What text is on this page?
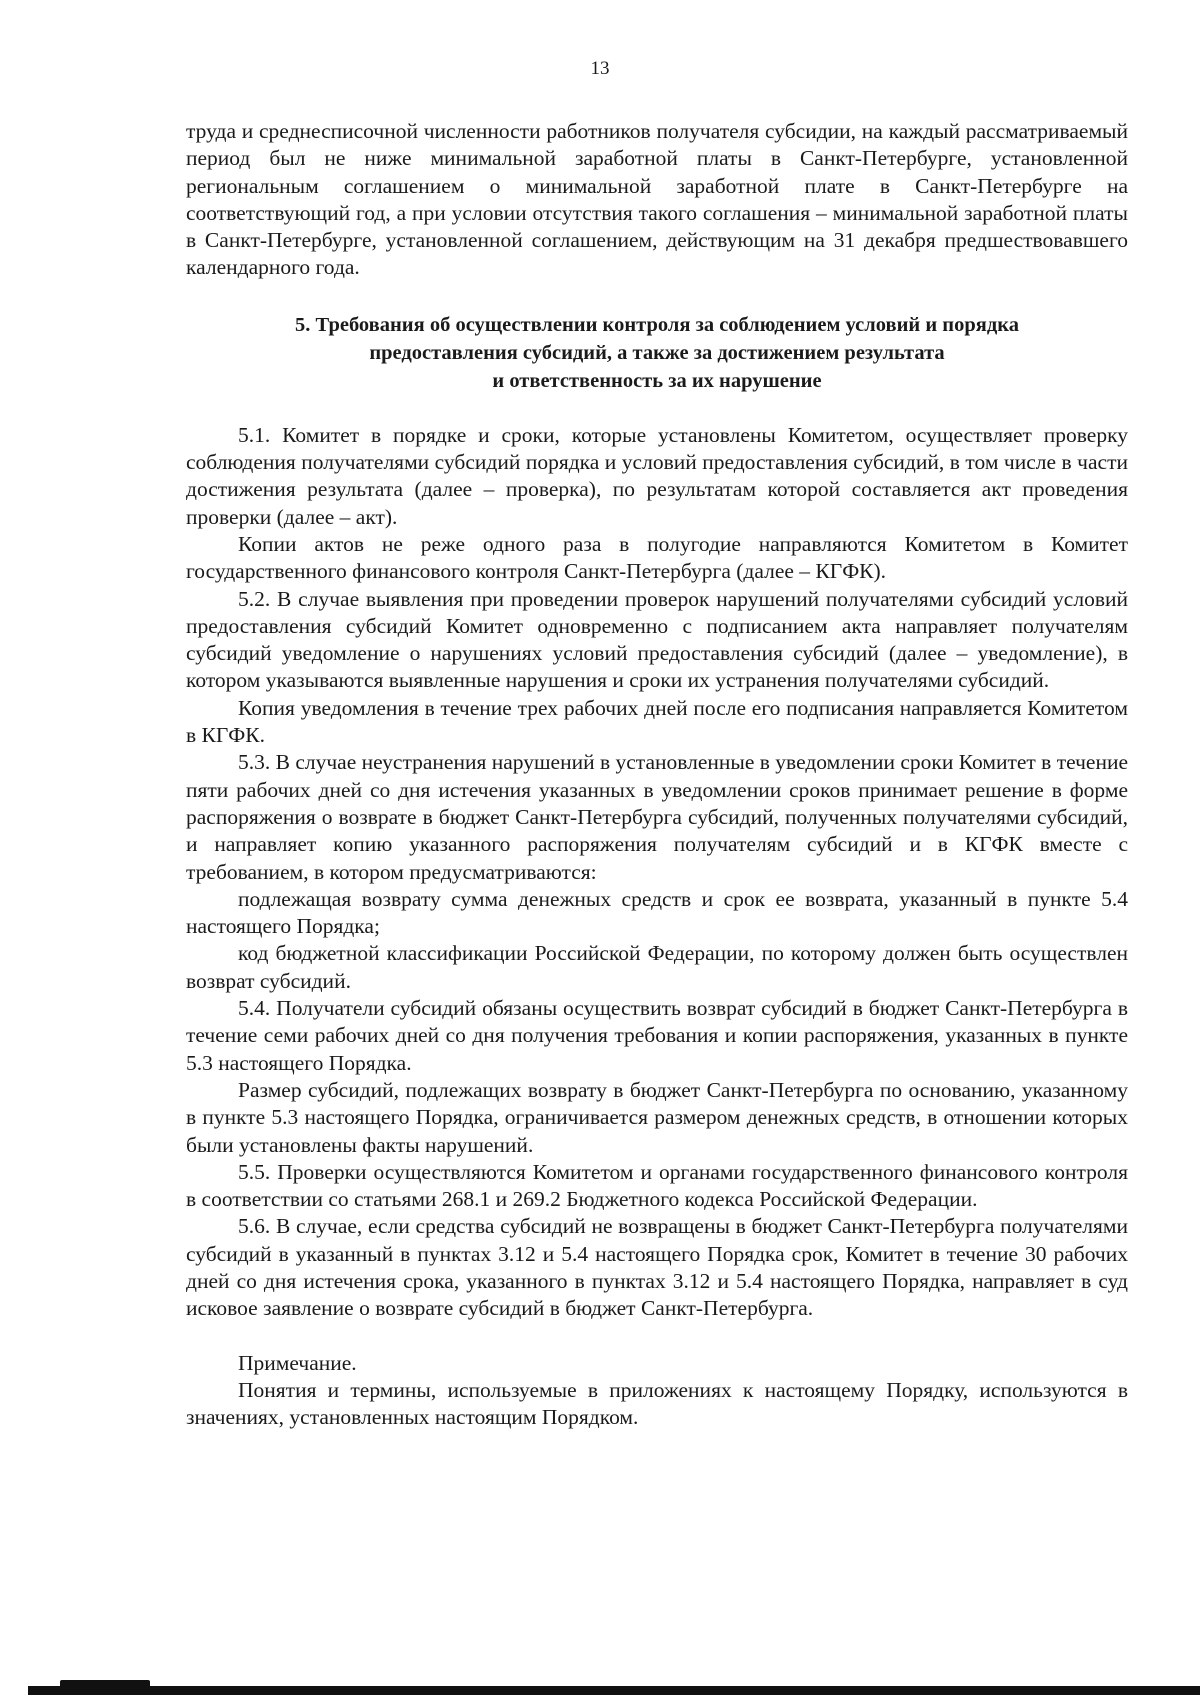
13

труда и среднесписочной численности работников получателя субсидии, на каждый рассматриваемый период был не ниже минимальной заработной платы в Санкт-Петербурге, установленной региональным соглашением о минимальной заработной плате в Санкт-Петербурге на соответствующий год, а при условии отсутствия такого соглашения – минимальной заработной платы в Санкт-Петербурге, установленной соглашением, действующим на 31 декабря предшествовавшего календарного года.

5. Требования об осуществлении контроля за соблюдением условий и порядка
предоставления субсидий, а также за достижением результата
и ответственность за их нарушение

5.1. Комитет в порядке и сроки, которые установлены Комитетом, осуществляет проверку соблюдения получателями субсидий порядка и условий предоставления субсидий, в том числе в части достижения результата (далее – проверка), по результатам которой составляется акт проведения проверки (далее – акт).

Копии актов не реже одного раза в полугодие направляются Комитетом в Комитет государственного финансового контроля Санкт-Петербурга (далее – КГФК).

5.2. В случае выявления при проведении проверок нарушений получателями субсидий условий предоставления субсидий Комитет одновременно с подписанием акта направляет получателям субсидий уведомление о нарушениях условий предоставления субсидий (далее – уведомление), в котором указываются выявленные нарушения и сроки их устранения получателями субсидий.

Копия уведомления в течение трех рабочих дней после его подписания направляется Комитетом в КГФК.

5.3. В случае неустранения нарушений в установленные в уведомлении сроки Комитет в течение пяти рабочих дней со дня истечения указанных в уведомлении сроков принимает решение в форме распоряжения о возврате в бюджет Санкт-Петербурга субсидий, полученных получателями субсидий, и направляет копию указанного распоряжения получателям субсидий и в КГФК вместе с требованием, в котором предусматриваются:

подлежащая возврату сумма денежных средств и срок ее возврата, указанный в пункте 5.4 настоящего Порядка;

код бюджетной классификации Российской Федерации, по которому должен быть осуществлен возврат субсидий.

5.4. Получатели субсидий обязаны осуществить возврат субсидий в бюджет Санкт-Петербурга в течение семи рабочих дней со дня получения требования и копии распоряжения, указанных в пункте 5.3 настоящего Порядка.

Размер субсидий, подлежащих возврату в бюджет Санкт-Петербурга по основанию, указанному в пункте 5.3 настоящего Порядка, ограничивается размером денежных средств, в отношении которых были установлены факты нарушений.

5.5. Проверки осуществляются Комитетом и органами государственного финансового контроля в соответствии со статьями 268.1 и 269.2 Бюджетного кодекса Российской Федерации.

5.6. В случае, если средства субсидий не возвращены в бюджет Санкт-Петербурга получателями субсидий в указанный в пунктах 3.12 и 5.4 настоящего Порядка срок, Комитет в течение 30 рабочих дней со дня истечения срока, указанного в пунктах 3.12 и 5.4 настоящего Порядка, направляет в суд исковое заявление о возврате субсидий в бюджет Санкт-Петербурга.

Примечание.

Понятия и термины, используемые в приложениях к настоящему Порядку, используются в значениях, установленных настоящим Порядком.
